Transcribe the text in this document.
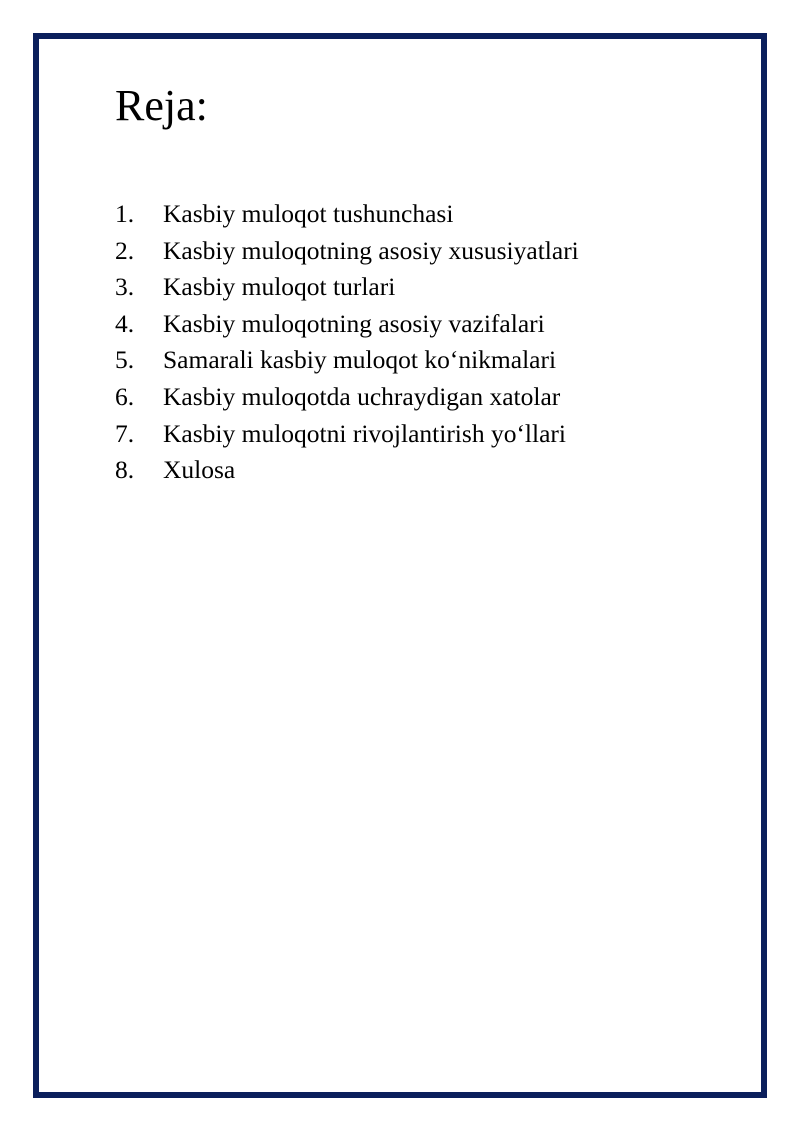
Reja:
1.	Kasbiy muloqot tushunchasi
2.	Kasbiy muloqotning asosiy xususiyatlari
3.	Kasbiy muloqot turlari
4.	Kasbiy muloqotning asosiy vazifalari
5.	Samarali kasbiy muloqot ko‘nikmalari
6.	Kasbiy muloqotda uchraydigan xatolar
7.	Kasbiy muloqotni rivojlantirish yo‘llari
8.	Xulosa
